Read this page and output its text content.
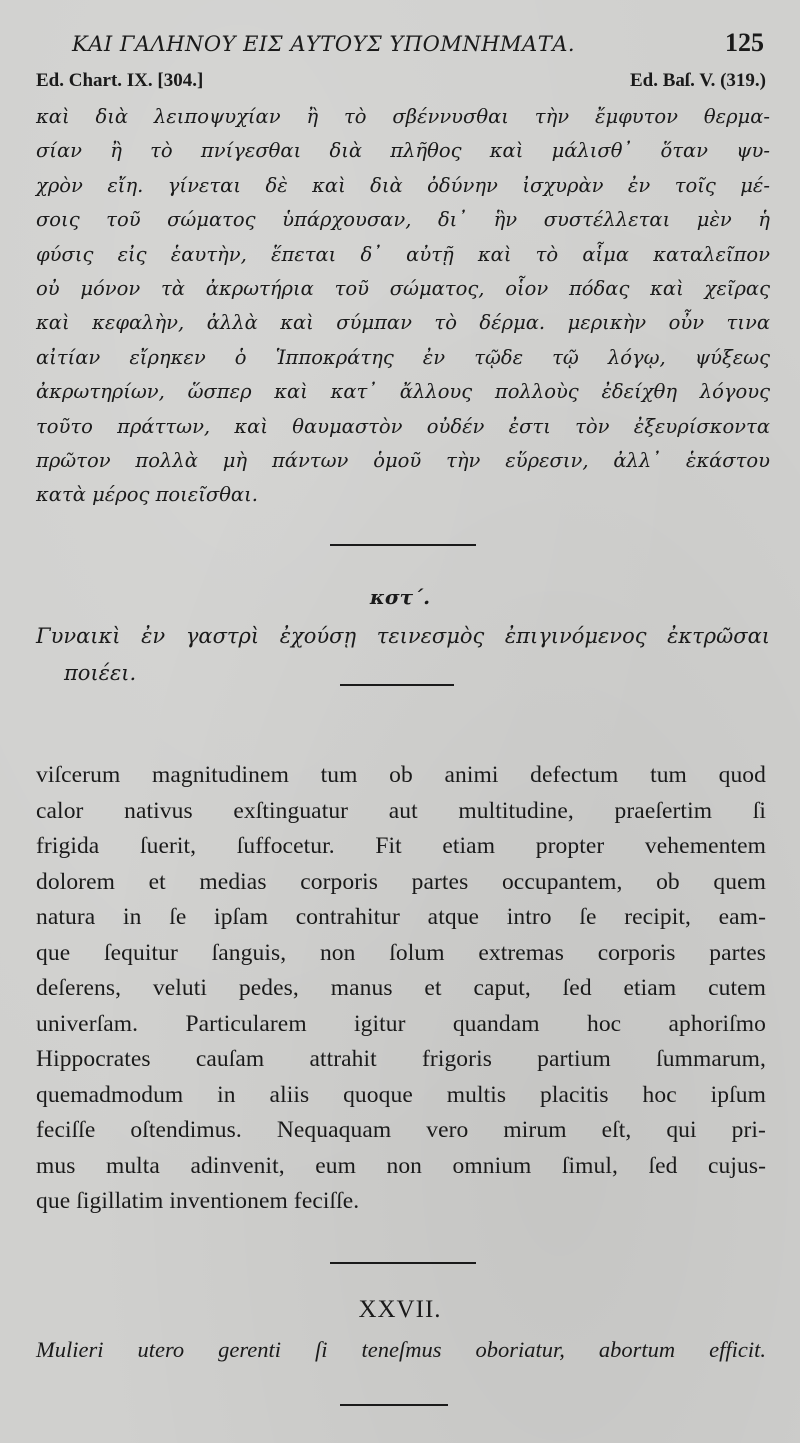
ΚΑΙ ΓΑΛΗΝΟΥ ΕΙΣ ΑΥΤΟΥΣ ΥΠΟΜΝΗΜΑΤΑ.	125
Ed. Chart. IX. [304.]	Ed. Baſ. V. (319.)
καὶ διὰ λειποψυχίαν ἢ τὸ σβέννυσθαι τὴν ἔμφυτον θερμα-
σίαν ἢ τὸ πνίγεσθαι διὰ πλῆθος καὶ μάλισθ᾽ ὅταν ψυ-
χρὸν εἴη. γίνεται δὲ καὶ διὰ ὀδύνην ἰσχυρὰν ἐν τοῖς μέ-
σοις τοῦ σώματος ὑπάρχουσαν, δι᾽ ἣν συστέλλεται μὲν ἡ
φύσις εἰς ἑαυτὴν, ἕπεται δ᾽ αὐτῇ καὶ τὸ αἷμα καταλεῖπον
οὐ μόνον τὰ ἀκρωτήρια τοῦ σώματος, οἷον πόδας καὶ χεῖρας
καὶ κεφαλὴν, ἀλλὰ καὶ σύμπαν τὸ δέρμα. μερικὴν οὖν τινα
αἰτίαν εἴρηκεν ὁ Ἱπποκράτης ἐν τῷδε τῷ λόγῳ, ψύξεως
ἀκρωτηρίων, ὥσπερ καὶ κατ᾽ ἄλλους πολλοὺς ἐδείχθη λόγους
τοῦτο πράττων, καὶ θαυμαστὸν οὐδέν ἐστι τὸν ἐξευρίσκοντα
πρῶτον πολλὰ μὴ πάντων ὁμοῦ τὴν εὕρεσιν, ἀλλ᾽ ἑκάστου
κατὰ μέρος ποιεῖσθαι.
κστ΄.
Γυναικὶ ἐν γαστρὶ ἐχούσῃ τεινεσμὸς ἐπιγινόμενος ἐκτρῶσαι
ποιέει.
viſcerum magnitudinem tum ob animi defectum tum quod
calor nativus exſtinguatur aut multitudine, praeſertim ſi
frigida ſuerit, ſuffocetur. Fit etiam propter vehementem
dolorem et medias corporis partes occupantem, ob quem
natura in ſe ipſam contrahitur atque intro ſe recipit, eam-
que ſequitur ſanguis, non ſolum extremas corporis partes
deſerens, veluti pedes, manus et caput, ſed etiam cutem
univerſam. Particularem igitur quandam hoc aphoriſmo
Hippocrates cauſam attrahit frigoris partium ſummarum,
quemadmodum in aliis quoque multis placitis hoc ipſum
feciſſe oſtendimus. Nequaquam vero mirum eſt, qui pri-
mus multa adinvenit, eum non omnium ſimul, ſed cujus-
que ſigillatim inventionem feciſſe.
XXVII.
Mulieri utero gerenti ſi teneſmus oboriatur, abortum efficit.
